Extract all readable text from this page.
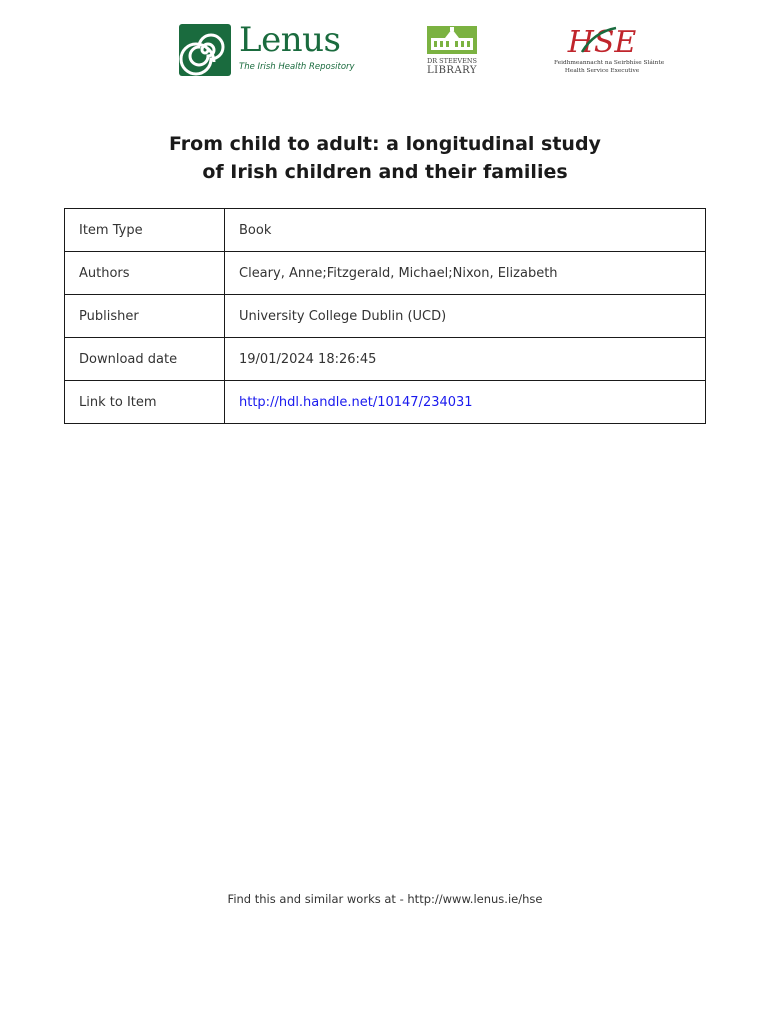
Lenus
The Irish Health Repository
DR STEEVENS
LIBRARY
HSE
Feidhmeannacht na Seirbhíse Sláinte
Health Service Executive
From child to adult: a longitudinal study
of Irish children and their families
Item Type	Book
Authors	Cleary, Anne;Fitzgerald, Michael;Nixon, Elizabeth
Publisher	University College Dublin (UCD)
Download date	19/01/2024 18:26:45
Link to Item	http://hdl.handle.net/10147/234031
Find this and similar works at - http://www.lenus.ie/hse
